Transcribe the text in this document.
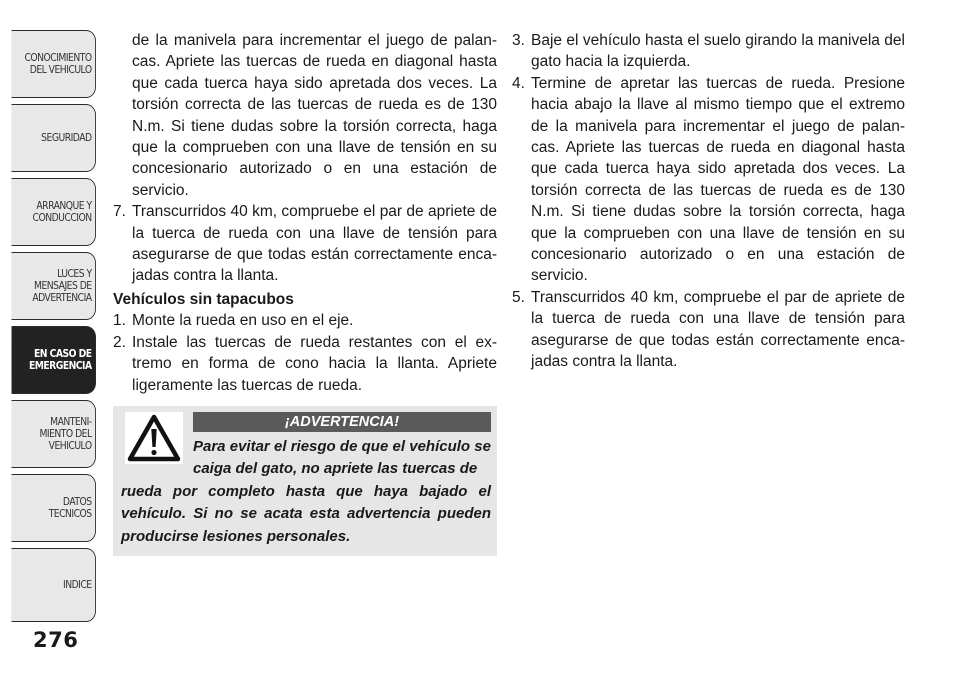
CONOCIMIENTO
DEL VEHICULO
SEGURIDAD
ARRANQUE Y
CONDUCCION
LUCES Y
MENSAJES DE
ADVERTENCIA
EN CASO DE
EMERGENCIA
MANTENI-
MIENTO DEL
VEHICULO
DATOS
TECNICOS
INDICE
276

de la manivela para incrementar el juego de palan-cas. Apriete las tuercas de rueda en diagonal hasta que cada tuerca haya sido apretada dos veces. La torsión correcta de las tuercas de rueda es de 130 N.m. Si tiene dudas sobre la torsión correcta, haga que la comprueben con una llave de tensión en su concesionario autorizado o en una estación de servicio.

7. Transcurridos 40 km, compruebe el par de apriete de la tuerca de rueda con una llave de tensión para asegurarse de que todas están correctamente enca-jadas contra la llanta.

Vehículos sin tapacubos

1. Monte la rueda en uso en el eje.

2. Instale las tuercas de rueda restantes con el ex-tremo en forma de cono hacia la llanta. Apriete ligeramente las tuercas de rueda.

¡ADVERTENCIA!

Para evitar el riesgo de que el vehículo se caiga del gato, no apriete las tuercas de
rueda por completo hasta que haya bajado el vehículo. Si no se acata esta advertencia pueden producirse lesiones personales.

3. Baje el vehículo hasta el suelo girando la manivela del gato hacia la izquierda.

4. Termine de apretar las tuercas de rueda. Presione hacia abajo la llave al mismo tiempo que el extremo de la manivela para incrementar el juego de palan-cas. Apriete las tuercas de rueda en diagonal hasta que cada tuerca haya sido apretada dos veces. La torsión correcta de las tuercas de rueda es de 130 N.m. Si tiene dudas sobre la torsión correcta, haga que la comprueben con una llave de tensión en su concesionario autorizado o en una estación de servicio.

5. Transcurridos 40 km, compruebe el par de apriete de la tuerca de rueda con una llave de tensión para asegurarse de que todas están correctamente enca-jadas contra la llanta.
